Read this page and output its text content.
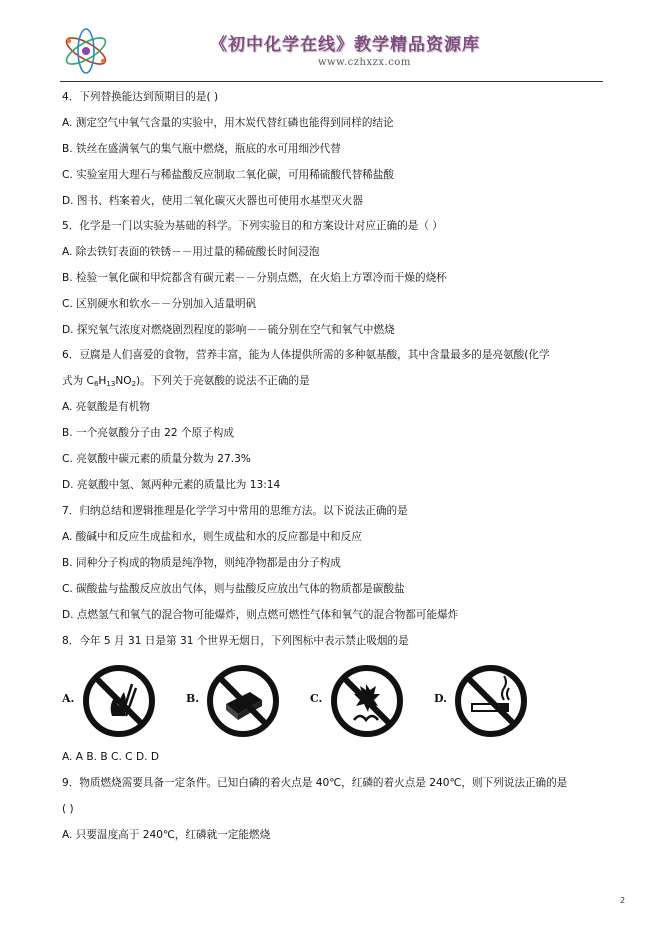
《初中化学在线》教学精品资源库
www.czhxzx.com
4．下列替换能达到预期目的是( )
A. 测定空气中氧气含量的实验中，用木炭代替红磷也能得到同样的结论
B. 铁丝在盛满氧气的集气瓶中燃烧，瓶底的水可用细沙代替
C. 实验室用大理石与稀盐酸反应制取二氧化碳，可用稀硫酸代替稀盐酸
D. 图书、档案着火，使用二氧化碳灭火器也可使用水基型灭火器
5．化学是一门以实验为基础的科学。下列实验目的和方案设计对应正确的是（ ）
A. 除去铁钉表面的铁锈－－用过量的稀硫酸长时间浸泡
B. 检验一氧化碳和甲烷都含有碳元素－－分别点燃，在火焰上方罩冷而干燥的烧杯
C. 区别硬水和软水－－分别加入适量明矾
D. 探究氧气浓度对燃烧剧烈程度的影响－－硫分别在空气和氧气中燃烧
6．豆腐是人们喜爱的食物，营养丰富，能为人体提供所需的多种氨基酸，其中含量最多的是亮氨酸(化学
式为 $C_6H_{13}NO_2$)。下列关于亮氨酸的说法不正确的是
A. 亮氨酸是有机物
B. 一个亮氨酸分子由 22 个原子构成
C. 亮氨酸中碳元素的质量分数为 27.3%
D. 亮氨酸中氢、氮两种元素的质量比为 13:14
7．归纳总结和逻辑推理是化学学习中常用的思维方法。以下说法正确的是
A. 酸碱中和反应生成盐和水，则生成盐和水的反应都是中和反应
B. 同种分子构成的物质是纯净物，则纯净物都是由分子构成
C. 碳酸盐与盐酸反应放出气体，则与盐酸反应放出气体的物质都是碳酸盐
D. 点燃氢气和氧气的混合物可能爆炸，则点燃可燃性气体和氧气的混合物都可能爆炸
8．今年 5 月 31 日是第 31 个世界无烟日，下列图标中表示禁止吸烟的是
A.	B.	C.	D.
A. A B. B C. C D. D
9．物质燃烧需要具备一定条件。已知白磷的着火点是 40℃，红磷的着火点是 240℃，则下列说法正确的是
( )
A. 只要温度高于 240℃，红磷就一定能燃烧
2
